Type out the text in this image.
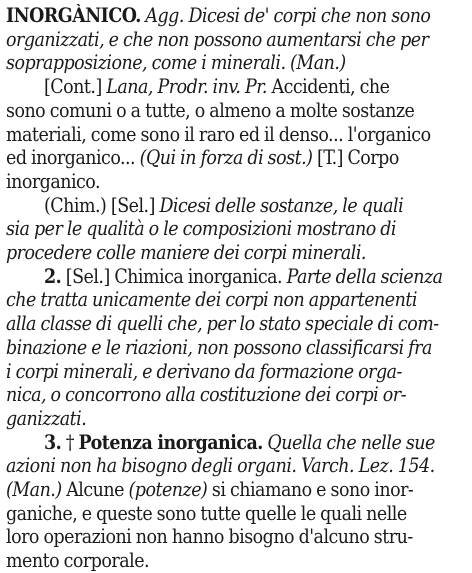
INORGÀNICO. Agg. Dicesi de' corpi che non sono
organizzati, e che non possono aumentarsi che per
soprapposizione, come i minerali. (Man.)
[Cont.] Lana, Prodr. inv. Pr. Accidenti, che
sono comuni o a tutte, o almeno a molte sostanze
materiali, come sono il raro ed il denso... l'organico
ed inorganico... (Qui in forza di sost.) [T.] Corpo
inorganico.
(Chim.) [Sel.] Dicesi delle sostanze, le quali
sia per le qualità o le composizioni mostrano di
procedere colle maniere dei corpi minerali.
2. [Sel.] Chimica inorganica. Parte della scienza
che tratta unicamente dei corpi non appartenenti
alla classe di quelli che, per lo stato speciale di com-
binazione e le riazioni, non possono classificarsi fra
i corpi minerali, e derivano da formazione orga-
nica, o concorrono alla costituzione dei corpi or-
ganizzati.
3. † Potenza inorganica. Quella che nelle sue
azioni non ha bisogno degli organi. Varch. Lez. 154.
(Man.) Alcune (potenze) si chiamano e sono inor-
ganiche, e queste sono tutte quelle le quali nelle
loro operazioni non hanno bisogno d'alcuno stru-
mento corporale.
